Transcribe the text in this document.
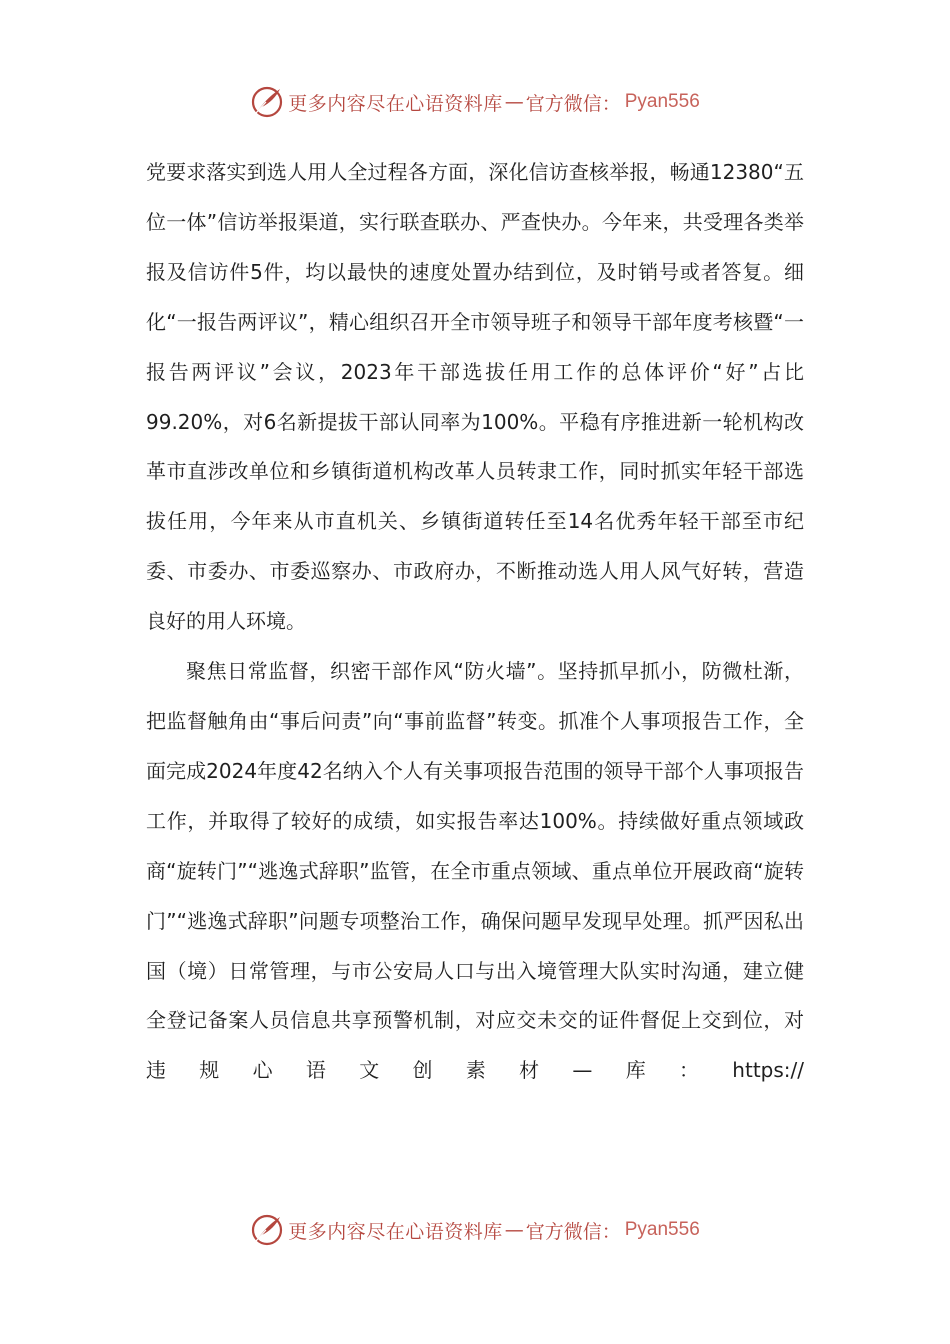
更多内容尽在心语资料库 — 官方微信： Pyan556

党要求落实到选人用人全过程各方面，深化信访查核举报，畅通12380“五位一体”信访举报渠道，实行联查联办、严查快办。今年来，共受理各类举报及信访件5件，均以最快的速度处置办结到位，及时销号或者答复。细化“一报告两评议”，精心组织召开全市领导班子和领导干部年度考核暨“一报告两评议”会议，2023年干部选拔任用工作的总体评价“好”占比99.20%，对6名新提拔干部认同率为100%。平稳有序推进新一轮机构改革市直涉改单位和乡镇街道机构改革人员转隶工作，同时抓实年轻干部选拔任用，今年来从市直机关、乡镇街道转任至14名优秀年轻干部至市纪委、市委办、市委巡察办、市政府办，不断推动选人用人风气好转，营造良好的用人环境。

聚焦日常监督，织密干部作风“防火墙”。坚持抓早抓小，防微杜渐，把监督触角由“事后问责”向“事前监督”转变。抓准个人事项报告工作，全面完成2024年度42名纳入个人有关事项报告范围的领导干部个人事项报告工作，并取得了较好的成绩，如实报告率达100%。持续做好重点领域政商“旋转门”“逃逸式辞职”监管，在全市重点领域、重点单位开展政商“旋转门”“逃逸式辞职”问题专项整治工作，确保问题早发现早处理。抓严因私出国（境）日常管理，与市公安局人口与出入境管理大队实时沟通，建立健全登记备案人员信息共享预警机制，对应交未交的证件督促上交到位，对违规心语文创素材—库：https://

更多内容尽在心语资料库 — 官方微信： Pyan556
